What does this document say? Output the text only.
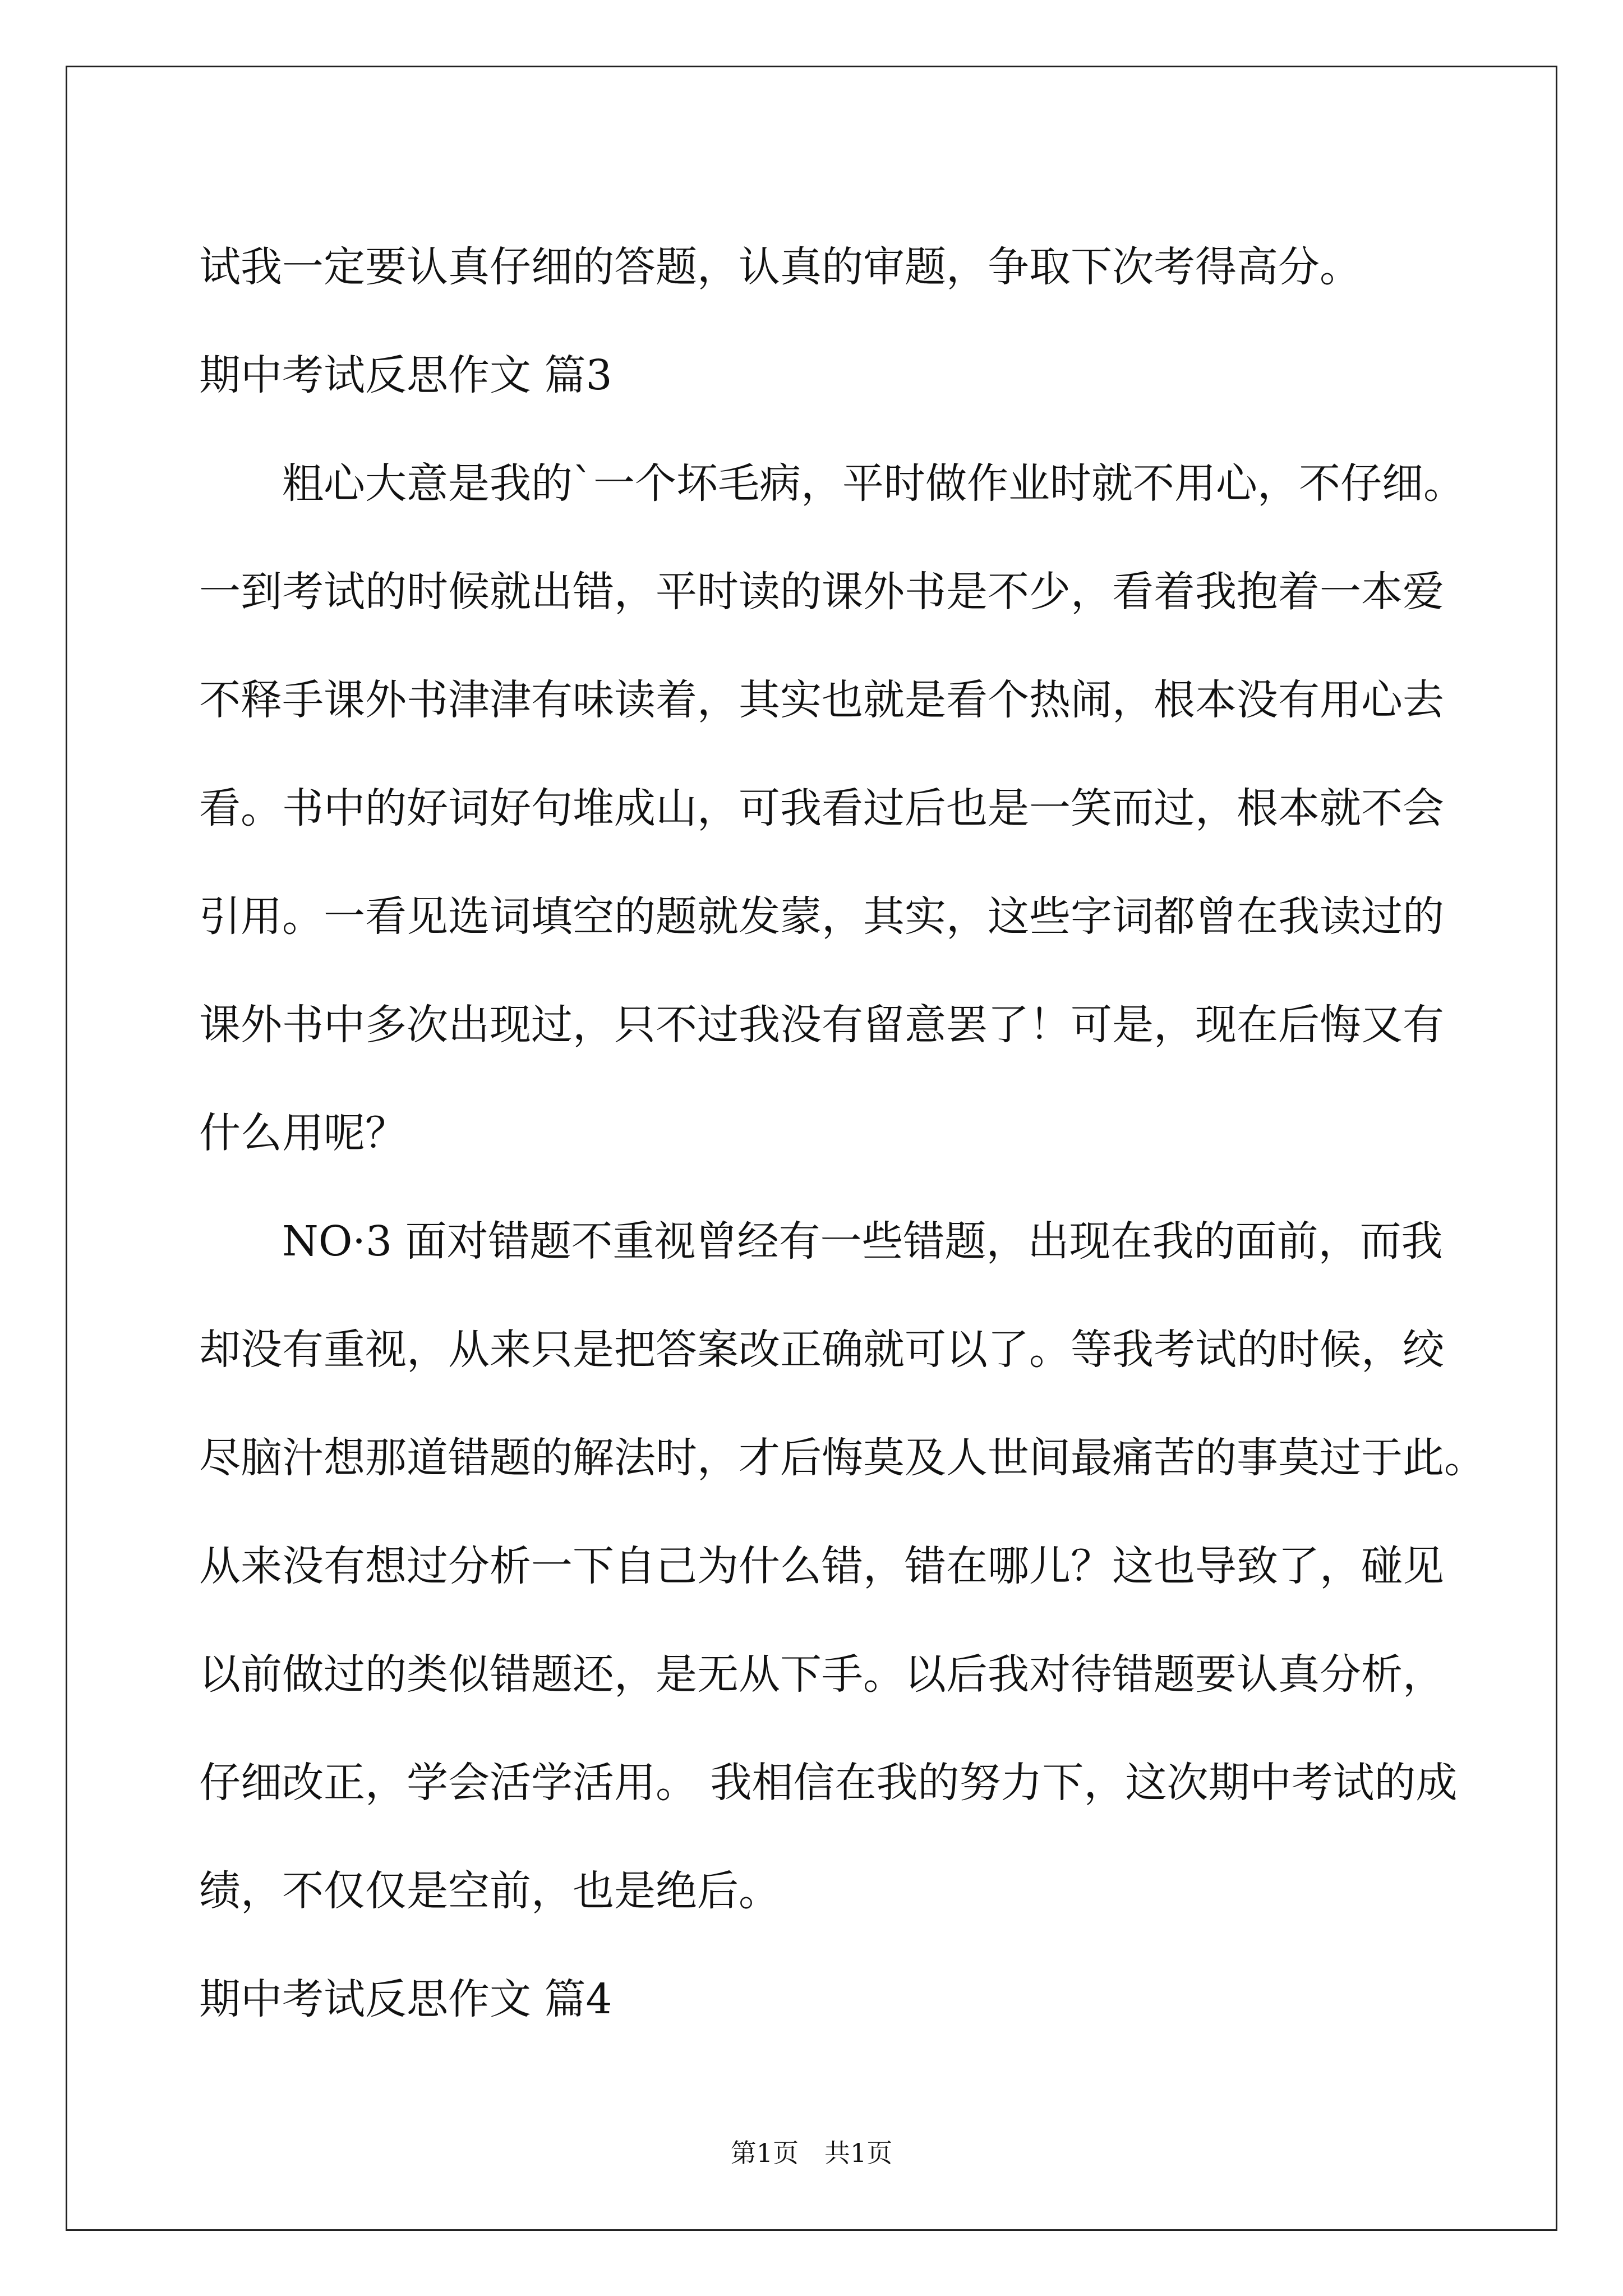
试我一定要认真仔细的答题，认真的审题，争取下次考得高分。

期中考试反思作文 篇3

粗心大意是我的`一个坏毛病，平时做作业时就不用心，不仔细。

一到考试的时候就出错，平时读的课外书是不少，看着我抱着一本爱

不释手课外书津津有味读着，其实也就是看个热闹，根本没有用心去

看。书中的好词好句堆成山，可我看过后也是一笑而过，根本就不会

引用。一看见选词填空的题就发蒙，其实，这些字词都曾在我读过的

课外书中多次出现过，只不过我没有留意罢了！可是，现在后悔又有

什么用呢？

NO·3 面对错题不重视曾经有一些错题，出现在我的面前，而我

却没有重视，从来只是把答案改正确就可以了。等我考试的时候，绞

尽脑汁想那道错题的解法时，才后悔莫及人世间最痛苦的事莫过于此。

从来没有想过分析一下自己为什么错，错在哪儿？这也导致了，碰见

以前做过的类似错题还，是无从下手。以后我对待错题要认真分析，

仔细改正，学会活学活用。 我相信在我的努力下，这次期中考试的成

绩，不仅仅是空前，也是绝后。

期中考试反思作文 篇4

第1页　共1页
